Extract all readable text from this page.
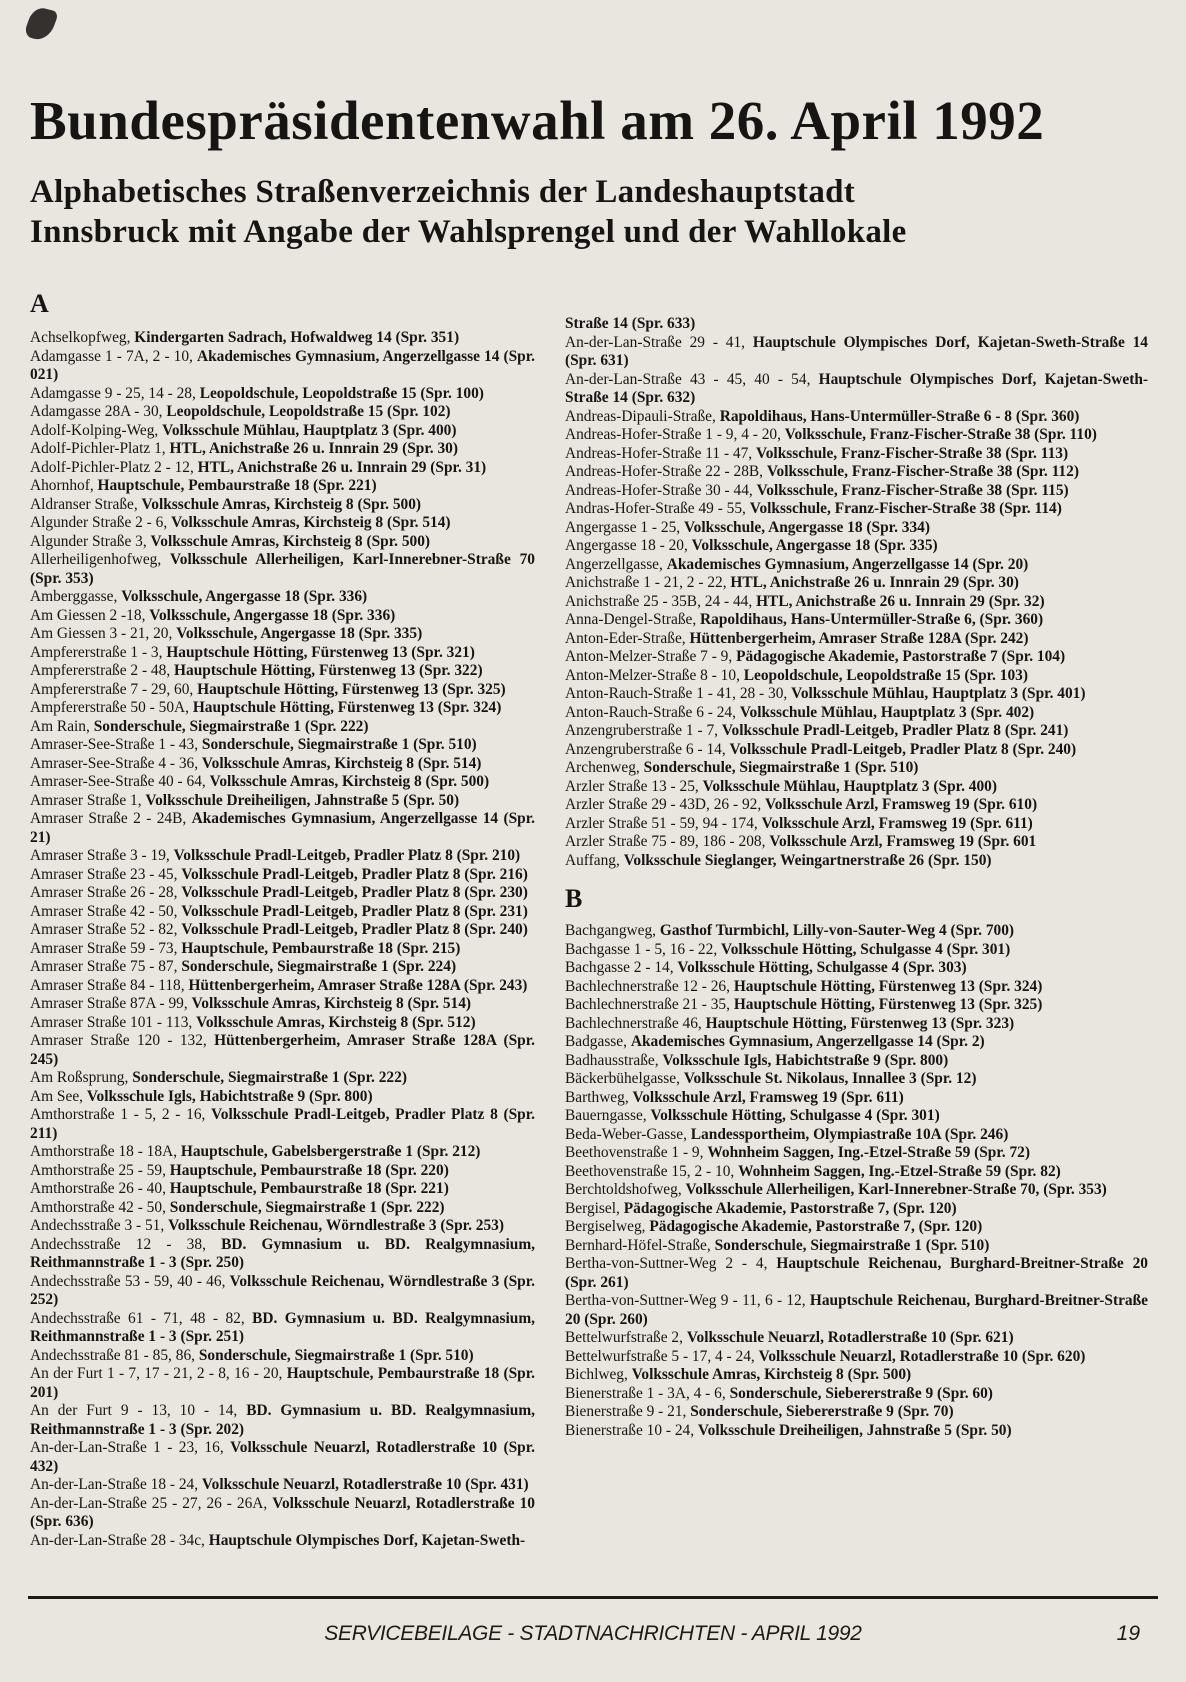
Bundespräsidentenwahl am 26. April 1992
Alphabetisches Straßenverzeichnis der Landeshauptstadt
Innsbruck mit Angabe der Wahlsprengel und der Wahllokale
A
Achselkopfweg, Kindergarten Sadrach, Hofwaldweg 14 (Spr. 351)
Adamgasse 1 - 7A, 2 - 10, Akademisches Gymnasium, Angerzellgasse 14 (Spr. 021)
Adamgasse 9 - 25, 14 - 28, Leopoldschule, Leopoldstraße 15 (Spr. 100)
Adamgasse 28A - 30, Leopoldschule, Leopoldstraße 15 (Spr. 102)
Adolf-Kolping-Weg, Volksschule Mühlau, Hauptplatz 3 (Spr. 400)
Adolf-Pichler-Platz 1, HTL, Anichstraße 26 u. Innrain 29 (Spr. 30)
Adolf-Pichler-Platz 2 - 12, HTL, Anichstraße 26 u. Innrain 29 (Spr. 31)
Ahornhof, Hauptschule, Pembaurstraße 18 (Spr. 221)
Aldranser Straße, Volksschule Amras, Kirchsteig 8 (Spr. 500)
Algunder Straße 2 - 6, Volksschule Amras, Kirchsteig 8 (Spr. 514)
Algunder Straße 3, Volksschule Amras, Kirchsteig 8 (Spr. 500)
Allerheiligenhofweg, Volksschule Allerheiligen, Karl-Innerebner-Straße 70 (Spr. 353)
Amberggasse, Volksschule, Angergasse 18 (Spr. 336)
Am Giessen 2 -18, Volksschule, Angergasse 18 (Spr. 336)
Am Giessen 3 - 21, 20, Volksschule, Angergasse 18 (Spr. 335)
Ampfererstraße 1 - 3, Hauptschule Hötting, Fürstenweg 13 (Spr. 321)
Ampfererstraße 2 - 48, Hauptschule Hötting, Fürstenweg 13 (Spr. 322)
Ampfererstraße 7 - 29, 60, Hauptschule Hötting, Fürstenweg 13 (Spr. 325)
Ampfererstraße 50 - 50A, Hauptschule Hötting, Fürstenweg 13 (Spr. 324)
Am Rain, Sonderschule, Siegmairstraße 1 (Spr. 222)
Amraser-See-Straße 1 - 43, Sonderschule, Siegmairstraße 1 (Spr. 510)
Amraser-See-Straße 4 - 36, Volksschule Amras, Kirchsteig 8 (Spr. 514)
Amraser-See-Straße 40 - 64, Volksschule Amras, Kirchsteig 8 (Spr. 500)
Amraser Straße 1, Volksschule Dreiheiligen, Jahnstraße 5 (Spr. 50)
Amraser Straße 2 - 24B, Akademisches Gymnasium, Angerzellgasse 14 (Spr. 21)
Amraser Straße 3 - 19, Volksschule Pradl-Leitgeb, Pradler Platz 8 (Spr. 210)
Amraser Straße 23 - 45, Volksschule Pradl-Leitgeb, Pradler Platz 8 (Spr. 216)
Amraser Straße 26 - 28, Volksschule Pradl-Leitgeb, Pradler Platz 8 (Spr. 230)
Amraser Straße 42 - 50, Volksschule Pradl-Leitgeb, Pradler Platz 8 (Spr. 231)
Amraser Straße 52 - 82, Volksschule Pradl-Leitgeb, Pradler Platz 8 (Spr. 240)
Amraser Straße 59 - 73, Hauptschule, Pembaurstraße 18 (Spr. 215)
Amraser Straße 75 - 87, Sonderschule, Siegmairstraße 1 (Spr. 224)
Amraser Straße 84 - 118, Hüttenbergerheim, Amraser Straße 128A (Spr. 243)
Amraser Straße 87A - 99, Volksschule Amras, Kirchsteig 8 (Spr. 514)
Amraser Straße 101 - 113, Volksschule Amras, Kirchsteig 8 (Spr. 512)
Amraser Straße 120 - 132, Hüttenbergerheim, Amraser Straße 128A (Spr. 245)
Am Roßsprung, Sonderschule, Siegmairstraße 1 (Spr. 222)
Am See, Volksschule Igls, Habichtstraße 9 (Spr. 800)
Amthorstraße 1 - 5, 2 - 16, Volksschule Pradl-Leitgeb, Pradler Platz 8 (Spr. 211)
Amthorstraße 18 - 18A, Hauptschule, Gabelsbergerstraße 1 (Spr. 212)
Amthorstraße 25 - 59, Hauptschule, Pembaurstraße 18 (Spr. 220)
Amthorstraße 26 - 40, Hauptschule, Pembaurstraße 18 (Spr. 221)
Amthorstraße 42 - 50, Sonderschule, Siegmairstraße 1 (Spr. 222)
Andechsstraße 3 - 51, Volksschule Reichenau, Wörndlestraße 3 (Spr. 253)
Andechsstraße 12 - 38, BD. Gymnasium u. BD. Realgymnasium, Reithmannstraße 1 - 3 (Spr. 250)
Andechsstraße 53 - 59, 40 - 46, Volksschule Reichenau, Wörndlestraße 3 (Spr. 252)
Andechsstraße 61 - 71, 48 - 82, BD. Gymnasium u. BD. Realgymnasium, Reithmannstraße 1 - 3 (Spr. 251)
Andechsstraße 81 - 85, 86, Sonderschule, Siegmairstraße 1 (Spr. 510)
An der Furt 1 - 7, 17 - 21, 2 - 8, 16 - 20, Hauptschule, Pembaurstraße 18 (Spr. 201)
An der Furt 9 - 13, 10 - 14, BD. Gymnasium u. BD. Realgymnasium, Reithmannstraße 1 - 3 (Spr. 202)
An-der-Lan-Straße 1 - 23, 16, Volksschule Neuarzl, Rotadlerstraße 10 (Spr. 432)
An-der-Lan-Straße 18 - 24, Volksschule Neuarzl, Rotadlerstraße 10 (Spr. 431)
An-der-Lan-Straße 25 - 27, 26 - 26A, Volksschule Neuarzl, Rotadlerstraße 10 (Spr. 636)
An-der-Lan-Straße 28 - 34c, Hauptschule Olympisches Dorf, Kajetan-Sweth-
Straße 14 (Spr. 633)
An-der-Lan-Straße 29 - 41, Hauptschule Olympisches Dorf, Kajetan-Sweth-Straße 14 (Spr. 631)
An-der-Lan-Straße 43 - 45, 40 - 54, Hauptschule Olympisches Dorf, Kajetan-Sweth-Straße 14 (Spr. 632)
Andreas-Dipauli-Straße, Rapoldihaus, Hans-Untermüller-Straße 6 - 8 (Spr. 360)
Andreas-Hofer-Straße 1 - 9, 4 - 20, Volksschule, Franz-Fischer-Straße 38 (Spr. 110)
Andreas-Hofer-Straße 11 - 47, Volksschule, Franz-Fischer-Straße 38 (Spr. 113)
Andreas-Hofer-Straße 22 - 28B, Volksschule, Franz-Fischer-Straße 38 (Spr. 112)
Andreas-Hofer-Straße 30 - 44, Volksschule, Franz-Fischer-Straße 38 (Spr. 115)
Andras-Hofer-Straße 49 - 55, Volksschule, Franz-Fischer-Straße 38 (Spr. 114)
Angergasse 1 - 25, Volksschule, Angergasse 18 (Spr. 334)
Angergasse 18 - 20, Volksschule, Angergasse 18 (Spr. 335)
Angerzellgasse, Akademisches Gymnasium, Angerzellgasse 14 (Spr. 20)
Anichstraße 1 - 21, 2 - 22, HTL, Anichstraße 26 u. Innrain 29 (Spr. 30)
Anichstraße 25 - 35B, 24 - 44, HTL, Anichstraße 26 u. Innrain 29 (Spr. 32)
Anna-Dengel-Straße, Rapoldihaus, Hans-Untermüller-Straße 6, (Spr. 360)
Anton-Eder-Straße, Hüttenbergerheim, Amraser Straße 128A (Spr. 242)
Anton-Melzer-Straße 7 - 9, Pädagogische Akademie, Pastorstraße 7 (Spr. 104)
Anton-Melzer-Straße 8 - 10, Leopoldschule, Leopoldstraße 15 (Spr. 103)
Anton-Rauch-Straße 1 - 41, 28 - 30, Volksschule Mühlau, Hauptplatz 3 (Spr. 401)
Anton-Rauch-Straße 6 - 24, Volksschule Mühlau, Hauptplatz 3 (Spr. 402)
Anzengruberstraße 1 - 7, Volksschule Pradl-Leitgeb, Pradler Platz 8 (Spr. 241)
Anzengruberstraße 6 - 14, Volksschule Pradl-Leitgeb, Pradler Platz 8 (Spr. 240)
Archenweg, Sonderschule, Siegmairstraße 1 (Spr. 510)
Arzler Straße 13 - 25, Volksschule Mühlau, Hauptplatz 3 (Spr. 400)
Arzler Straße 29 - 43D, 26 - 92, Volksschule Arzl, Framsweg 19 (Spr. 610)
Arzler Straße 51 - 59, 94 - 174, Volksschule Arzl, Framsweg 19 (Spr. 611)
Arzler Straße 75 - 89, 186 - 208, Volksschule Arzl, Framsweg 19 (Spr. 601
Auffang, Volksschule Sieglanger, Weingartnerstraße 26 (Spr. 150)
B
Bachgangweg, Gasthof Turmbichl, Lilly-von-Sauter-Weg 4 (Spr. 700)
Bachgasse 1 - 5, 16 - 22, Volksschule Hötting, Schulgasse 4 (Spr. 301)
Bachgasse 2 - 14, Volksschule Hötting, Schulgasse 4 (Spr. 303)
Bachlechnerstraße 12 - 26, Hauptschule Hötting, Fürstenweg 13 (Spr. 324)
Bachlechnerstraße 21 - 35, Hauptschule Hötting, Fürstenweg 13 (Spr. 325)
Bachlechnerstraße 46, Hauptschule Hötting, Fürstenweg 13 (Spr. 323)
Badgasse, Akademisches Gymnasium, Angerzellgasse 14 (Spr. 2)
Badhausstraße, Volksschule Igls, Habichtstraße 9 (Spr. 800)
Bäckerbühelgasse, Volksschule St. Nikolaus, Innallee 3 (Spr. 12)
Barthweg, Volksschule Arzl, Framsweg 19 (Spr. 611)
Bauerngasse, Volksschule Hötting, Schulgasse 4 (Spr. 301)
Beda-Weber-Gasse, Landessportheim, Olympiastraße 10A (Spr. 246)
Beethovenstraße 1 - 9, Wohnheim Saggen, Ing.-Etzel-Straße 59 (Spr. 72)
Beethovenstraße 15, 2 - 10, Wohnheim Saggen, Ing.-Etzel-Straße 59 (Spr. 82)
Berchtoldshofweg, Volksschule Allerheiligen, Karl-Innerebner-Straße 70, (Spr. 353)
Bergisel, Pädagogische Akademie, Pastorstraße 7, (Spr. 120)
Bergiselweg, Pädagogische Akademie, Pastorstraße 7, (Spr. 120)
Bernhard-Höfel-Straße, Sonderschule, Siegmairstraße 1 (Spr. 510)
Bertha-von-Suttner-Weg 2 - 4, Hauptschule Reichenau, Burghard-Breitner-Straße 20 (Spr. 261)
Bertha-von-Suttner-Weg 9 - 11, 6 - 12, Hauptschule Reichenau, Burghard-Breitner-Straße 20 (Spr. 260)
Bettelwurfstraße 2, Volksschule Neuarzl, Rotadlerstraße 10 (Spr. 621)
Bettelwurfstraße 5 - 17, 4 - 24, Volksschule Neuarzl, Rotadlerstraße 10 (Spr. 620)
Bichlweg, Volksschule Amras, Kirchsteig 8 (Spr. 500)
Bienerstraße 1 - 3A, 4 - 6, Sonderschule, Siebererstraße 9 (Spr. 60)
Bienerstraße 9 - 21, Sonderschule, Siebererstraße 9 (Spr. 70)
Bienerstraße 10 - 24, Volksschule Dreiheiligen, Jahnstraße 5 (Spr. 50)
SERVICEBEILAGE - STADTNACHRICHTEN - APRIL 1992	19
